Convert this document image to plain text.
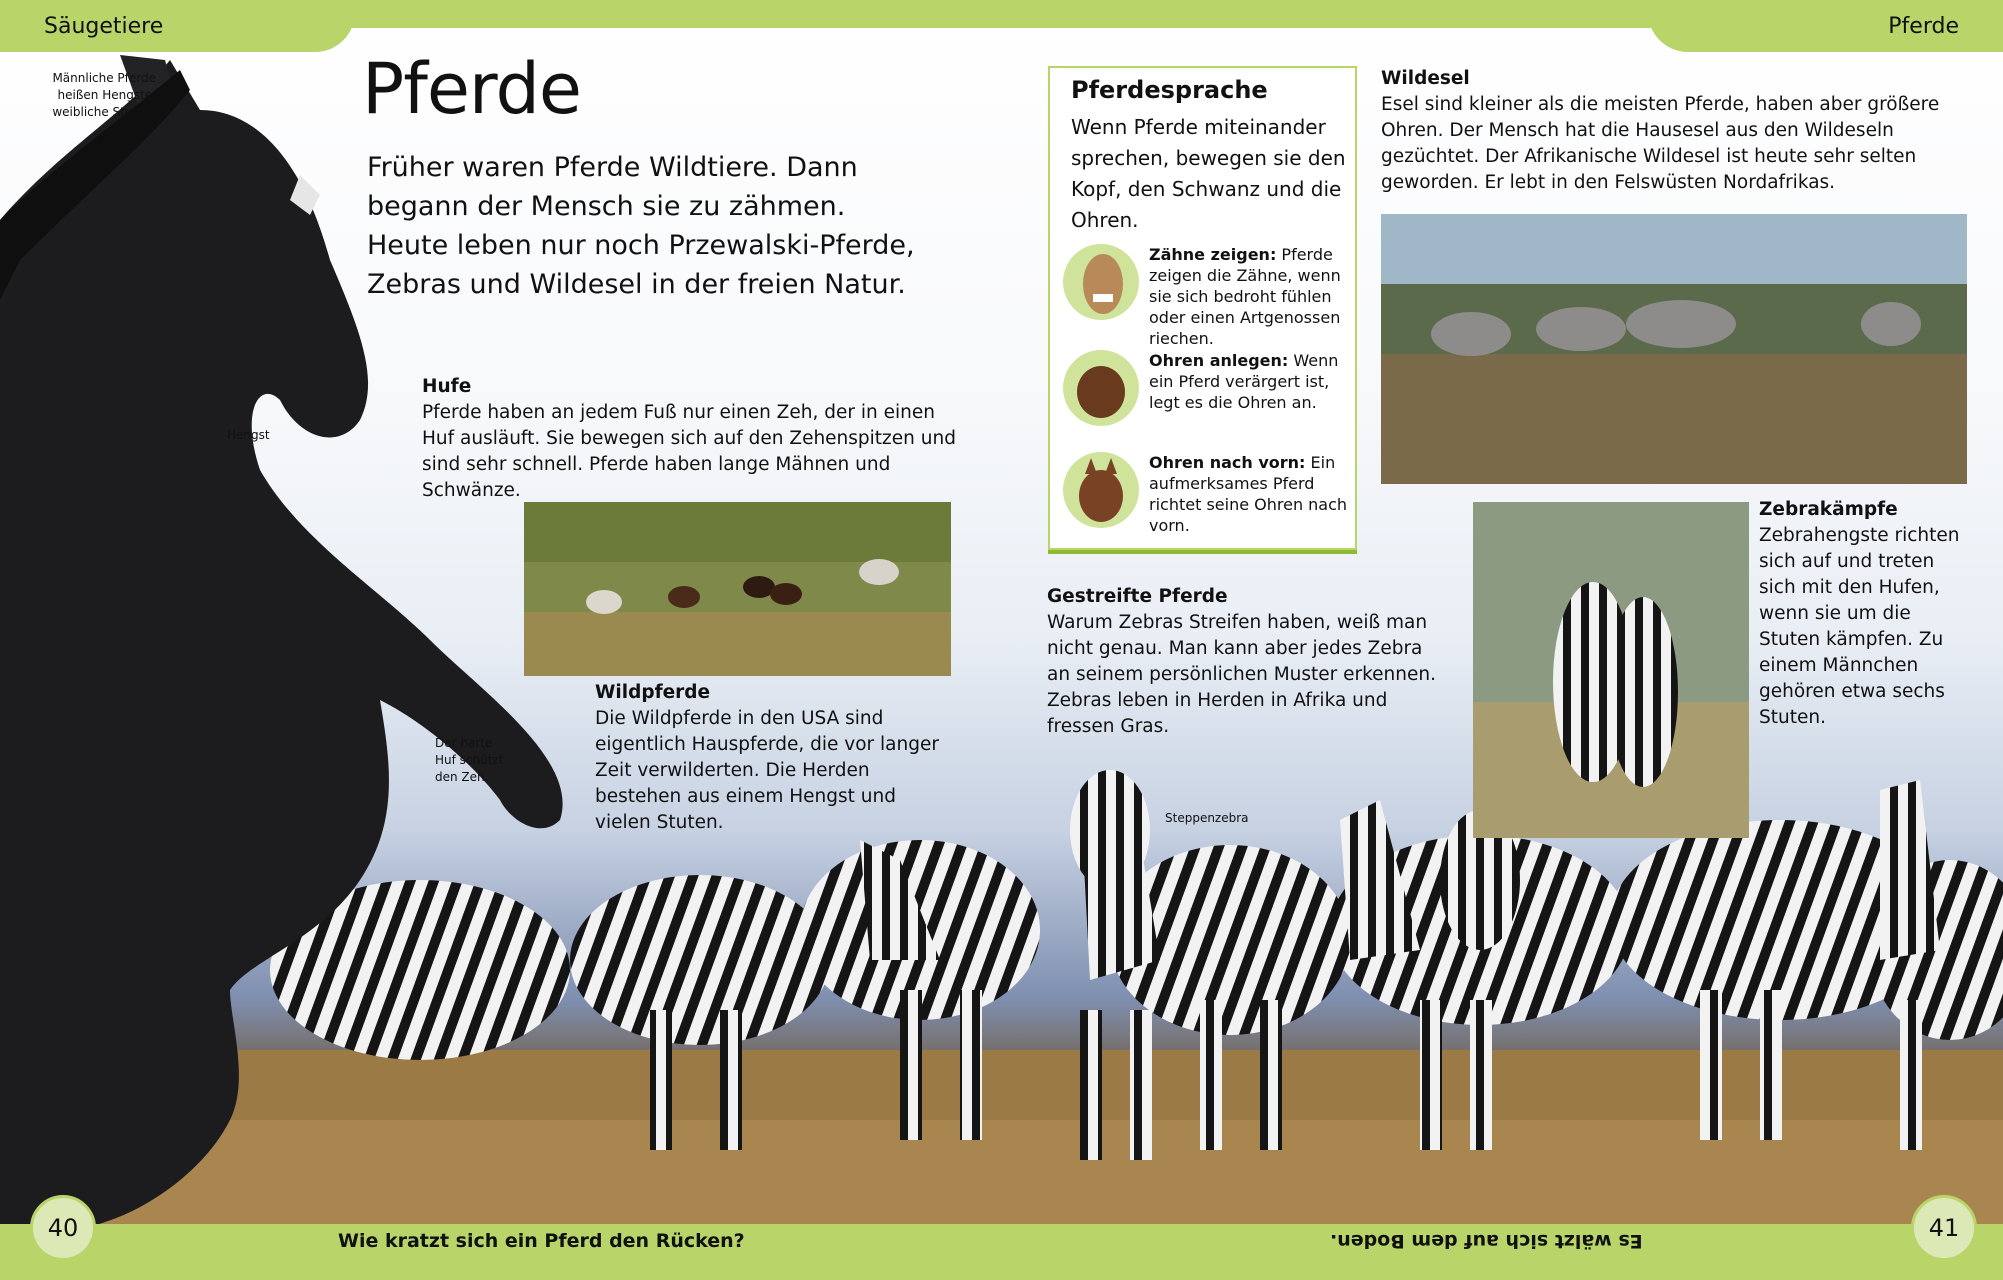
Säugetiere	Pferde
Pferde
Früher waren Pferde Wildtiere. Dann begann der Mensch sie zu zähmen. Heute leben nur noch Przewalski-Pferde, Zebras und Wildesel in der freien Natur.
Männliche Pferde heißen Hengste, weibliche Stuten.
Hengst
Der harte Huf schützt den Zeh.
Steppenzebra
Hufe
Pferde haben an jedem Fuß nur einen Zeh, der in einen Huf ausläuft. Sie bewegen sich auf den Zehenspitzen und sind sehr schnell. Pferde haben lange Mähnen und Schwänze.
Wildpferde
Die Wildpferde in den USA sind eigentlich Hauspferde, die vor langer Zeit verwilderten. Die Herden bestehen aus einem Hengst und vielen Stuten.
Pferdesprache
Wenn Pferde miteinander sprechen, bewegen sie den Kopf, den Schwanz und die Ohren.
Zähne zeigen: Pferde zeigen die Zähne, wenn sie sich bedroht fühlen oder einen Artgenossen riechen.
Ohren anlegen: Wenn ein Pferd verärgert ist, legt es die Ohren an.
Ohren nach vorn: Ein aufmerksames Pferd richtet seine Ohren nach vorn.
Gestreifte Pferde
Warum Zebras Streifen haben, weiß man nicht genau. Man kann aber jedes Zebra an seinem persönlichen Muster erkennen. Zebras leben in Herden in Afrika und fressen Gras.
Wildesel
Esel sind kleiner als die meisten Pferde, haben aber größere Ohren. Der Mensch hat die Hausesel aus den Wildeseln gezüchtet. Der Afrikanische Wildesel ist heute sehr selten geworden. Er lebt in den Felswüsten Nordafrikas.
Zebrakämpfe
Zebrahengste richten sich auf und treten sich mit den Hufen, wenn sie um die Stuten kämpfen. Zu einem Männchen gehören etwa sechs Stuten.
40	41
Wie kratzt sich ein Pferd den Rücken?	Es wälzt sich auf dem Boden.
